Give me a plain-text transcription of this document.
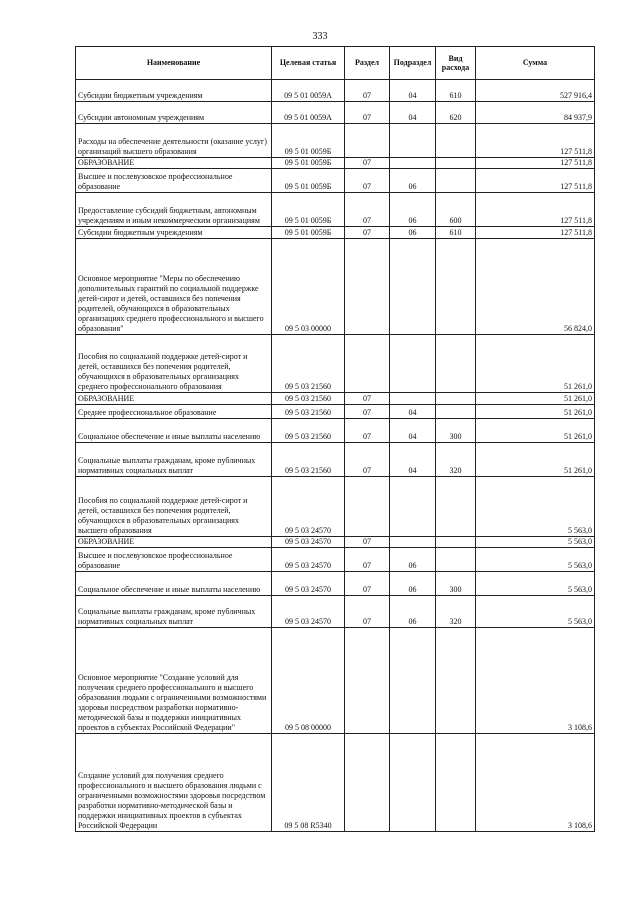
333
Наименование	Целевая статья	Раздел	Подраздел	Вид расхода	Сумма
Субсидии бюджетным учреждениям	09 5 01 0059А	07	04	610	527 916,4
Субсидии автономным учреждениям	09 5 01 0059А	07	04	620	84 937,9
Расходы на обеспечение деятельности (оказание услуг) организаций высшего образования	09 5 01 0059Б				127 511,8
ОБРАЗОВАНИЕ	09 5 01 0059Б	07			127 511,8
Высшее и послевузовское профессиональное образование	09 5 01 0059Б	07	06		127 511,8
Предоставление субсидий бюджетным, автономным учреждениям и иным некоммерческим организациям	09 5 01 0059Б	07	06	600	127 511,8
Субсидии бюджетным учреждениям	09 5 01 0059Б	07	06	610	127 511,8
Основное мероприятие "Меры по обеспечению дополнительных гарантий по социальной поддержке детей-сирот и детей, оставшихся без попечения родителей, обучающихся в образовательных организациях среднего профессионального и высшего образования"	09 5 03 00000				56 824,0
Пособия по социальной поддержке детей-сирот и детей, оставшихся без попечения родителей, обучающихся в образовательных организациях среднего профессионального образования	09 5 03 21560				51 261,0
ОБРАЗОВАНИЕ	09 5 03 21560	07			51 261,0
Среднее профессиональное образование	09 5 03 21560	07	04		51 261,0
Социальное обеспечение и иные выплаты населению	09 5 03 21560	07	04	300	51 261,0
Социальные выплаты гражданам, кроме публичных нормативных социальных выплат	09 5 03 21560	07	04	320	51 261,0
Пособия по социальной поддержке детей-сирот и детей, оставшихся без попечения родителей, обучающихся в образовательных организациях высшего образования	09 5 03 24570				5 563,0
ОБРАЗОВАНИЕ	09 5 03 24570	07			5 563,0
Высшее и послевузовское профессиональное образование	09 5 03 24570	07	06		5 563,0
Социальное обеспечение и иные выплаты населению	09 5 03 24570	07	06	300	5 563,0
Социальные выплаты гражданам, кроме публичных нормативных социальных выплат	09 5 03 24570	07	06	320	5 563,0
Основное мероприятие "Создание условий для получения среднего профессионального и высшего образования людьми с ограниченными возможностями здоровья посредством разработки нормативно-методической базы и поддержки инициативных проектов в субъектах Российской Федерации"	09 5 08 00000				3 108,6
Создание условий для получения среднего профессионального и высшего образования людьми с ограниченными возможностями здоровья посредством разработки нормативно-методической базы и поддержки инициативных проектов в субъектах Российской Федерации	09 5 08 R5340				3 108,6
